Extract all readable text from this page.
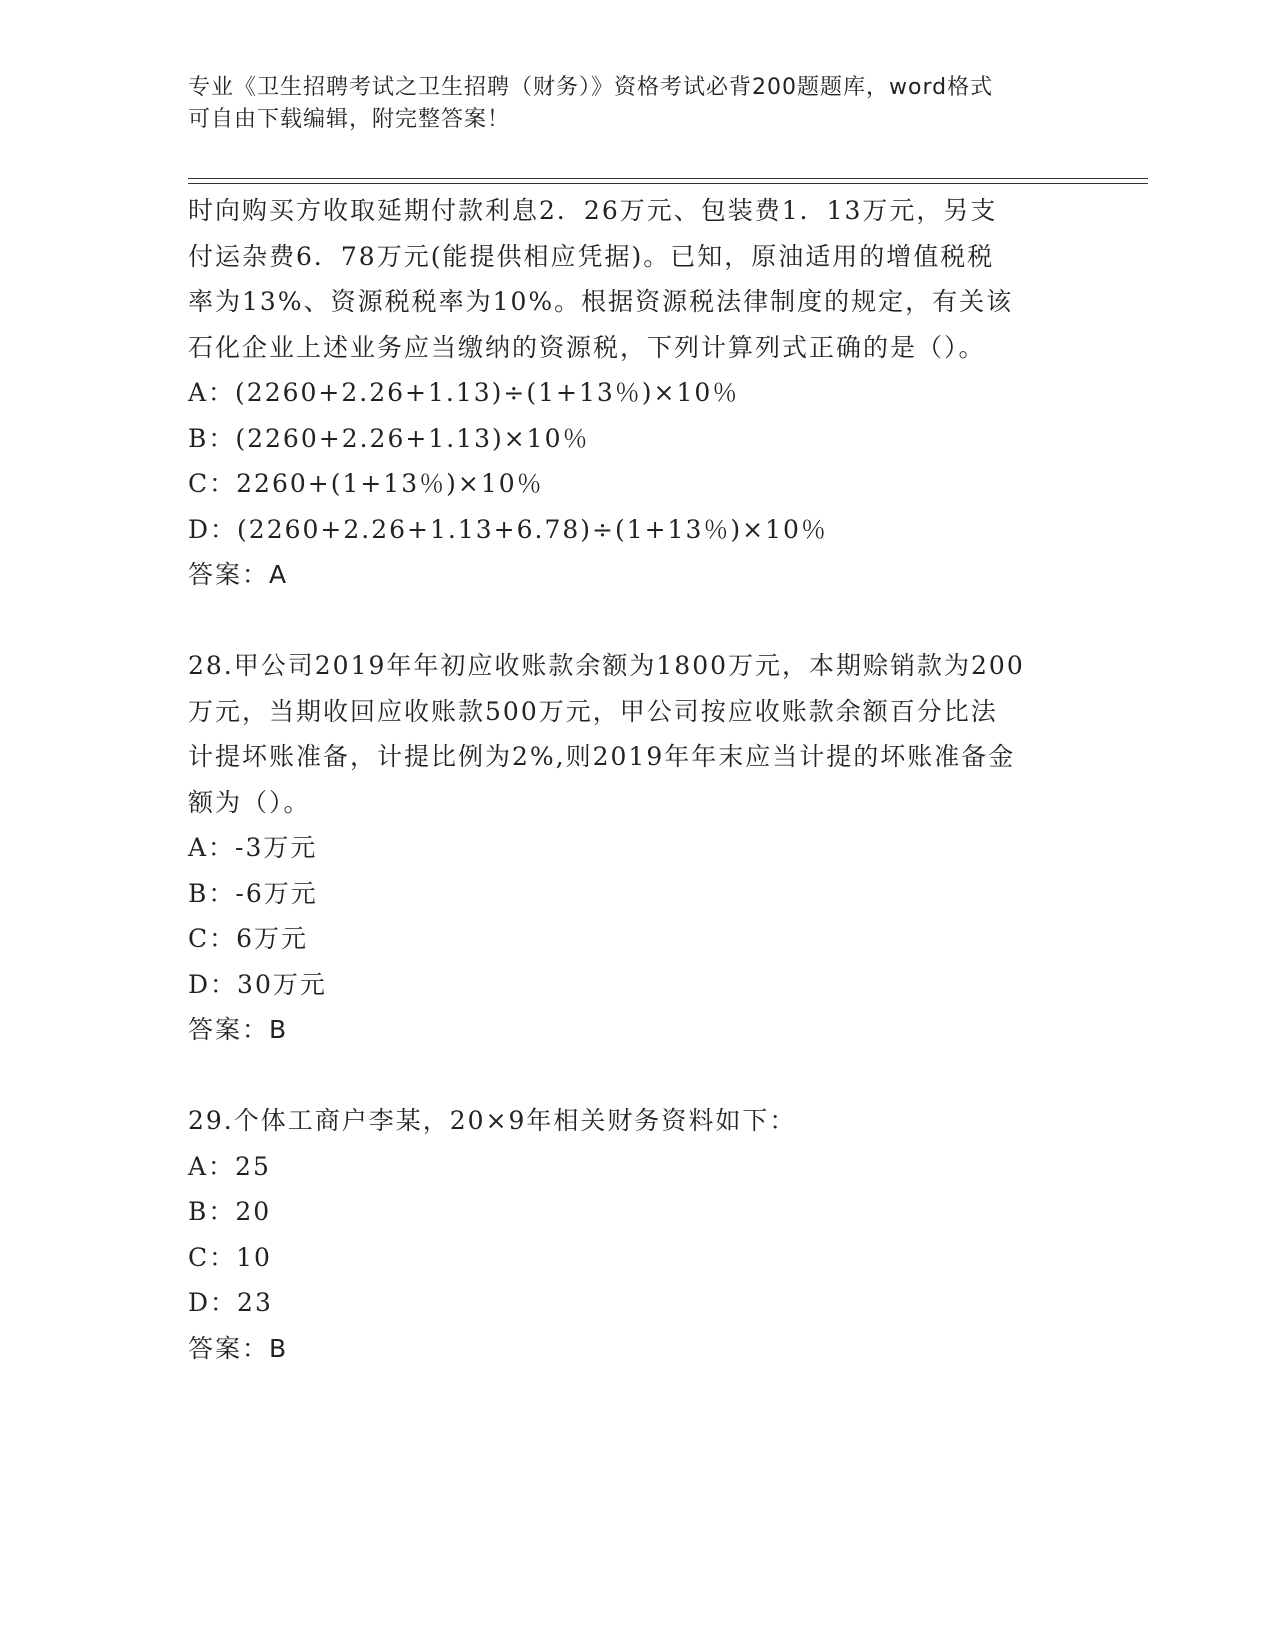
专业《卫生招聘考试之卫生招聘（财务）》资格考试必背200题题库，word格式
可自由下载编辑，附完整答案！

时向购买方收取延期付款利息2．26万元、包装费1．13万元，另支

付运杂费6．78万元(能提供相应凭据)。已知，原油适用的增值税税

率为13%、资源税税率为10%。根据资源税法律制度的规定，有关该

石化企业上述业务应当缴纳的资源税，下列计算列式正确的是（）。

A：(2260+2.26+1.13)÷(1+13％)×10％

B：(2260+2.26+1.13)×10％

C：2260+(1+13％)×10％

D：(2260+2.26+1.13+6.78)÷(1+13％)×10％

答案：A

28.甲公司2019年年初应收账款余额为1800万元，本期赊销款为200

万元，当期收回应收账款500万元，甲公司按应收账款余额百分比法

计提坏账准备，计提比例为2%,则2019年年末应当计提的坏账准备金

额为（）。

A：-3万元

B：-6万元

C：6万元

D：30万元

答案：B

29.个体工商户李某，20×9年相关财务资料如下：

A：25

B：20

C：10

D：23

答案：B
